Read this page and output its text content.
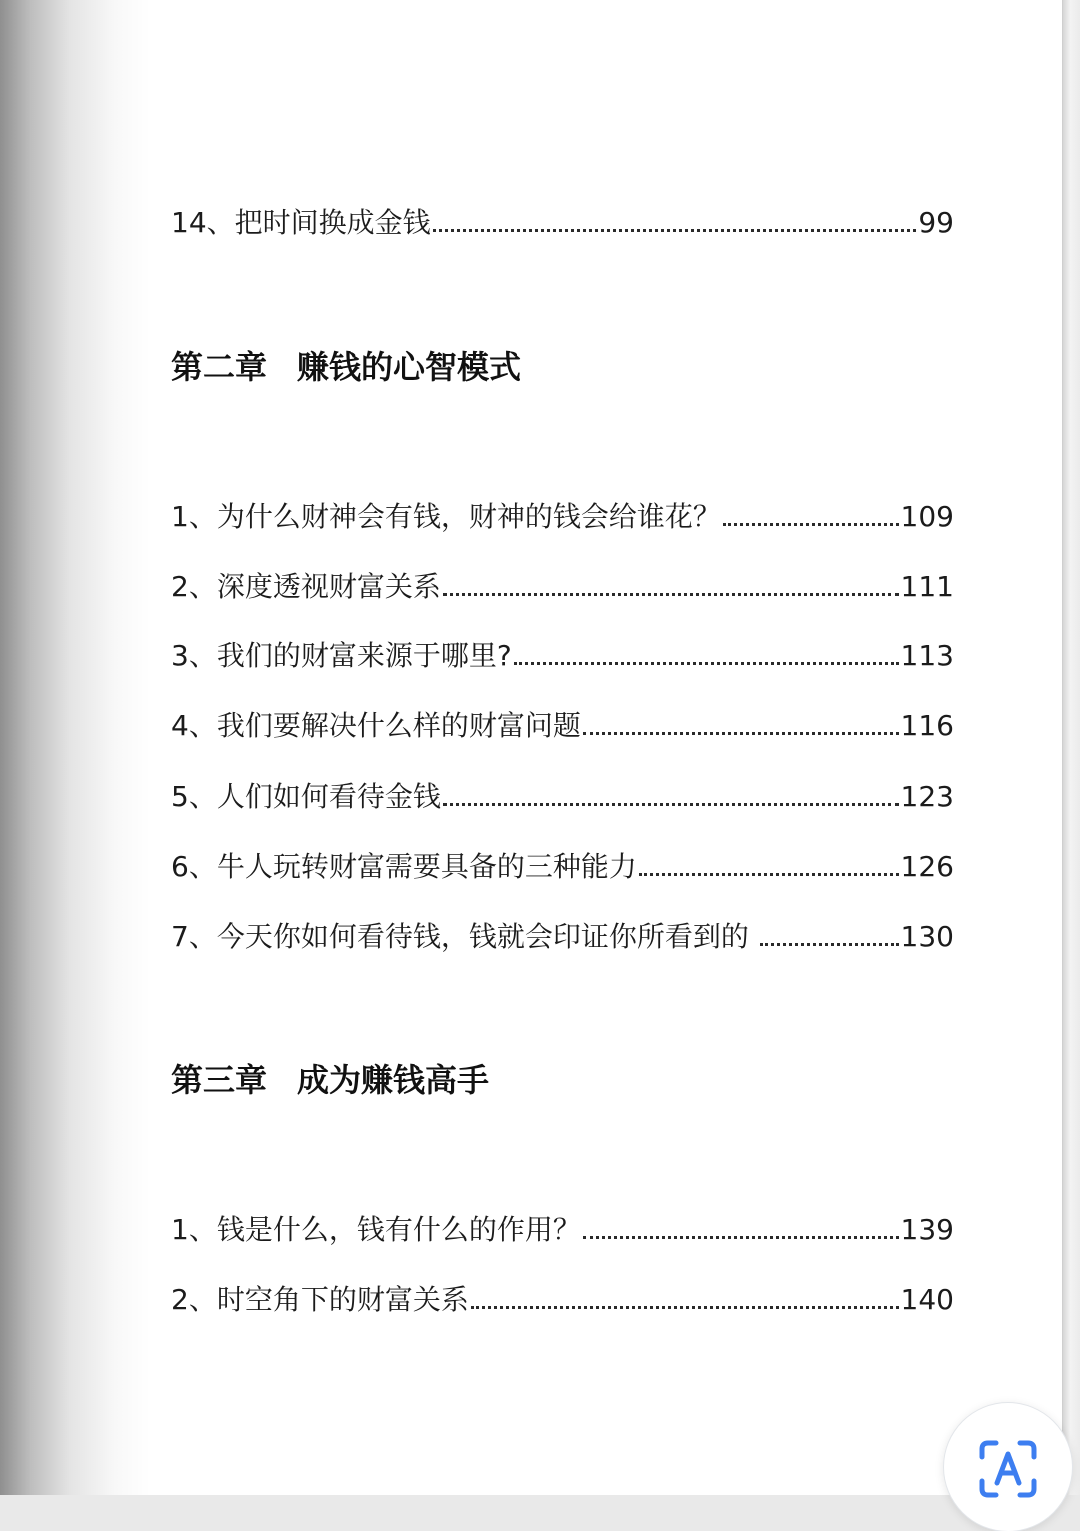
14、把时间换成金钱	99
第二章 赚钱的心智模式
1、为什么财神会有钱，财神的钱会给谁花？	109
2、深度透视财富关系	111
3、我们的财富来源于哪里?	113
4、我们要解决什么样的财富问题	116
5、人们如何看待金钱	123
6、牛人玩转财富需要具备的三种能力	126
7、今天你如何看待钱，钱就会印证你所看到的	130
第三章 成为赚钱高手
1、钱是什么，钱有什么的作用？	139
2、时空角下的财富关系	140
